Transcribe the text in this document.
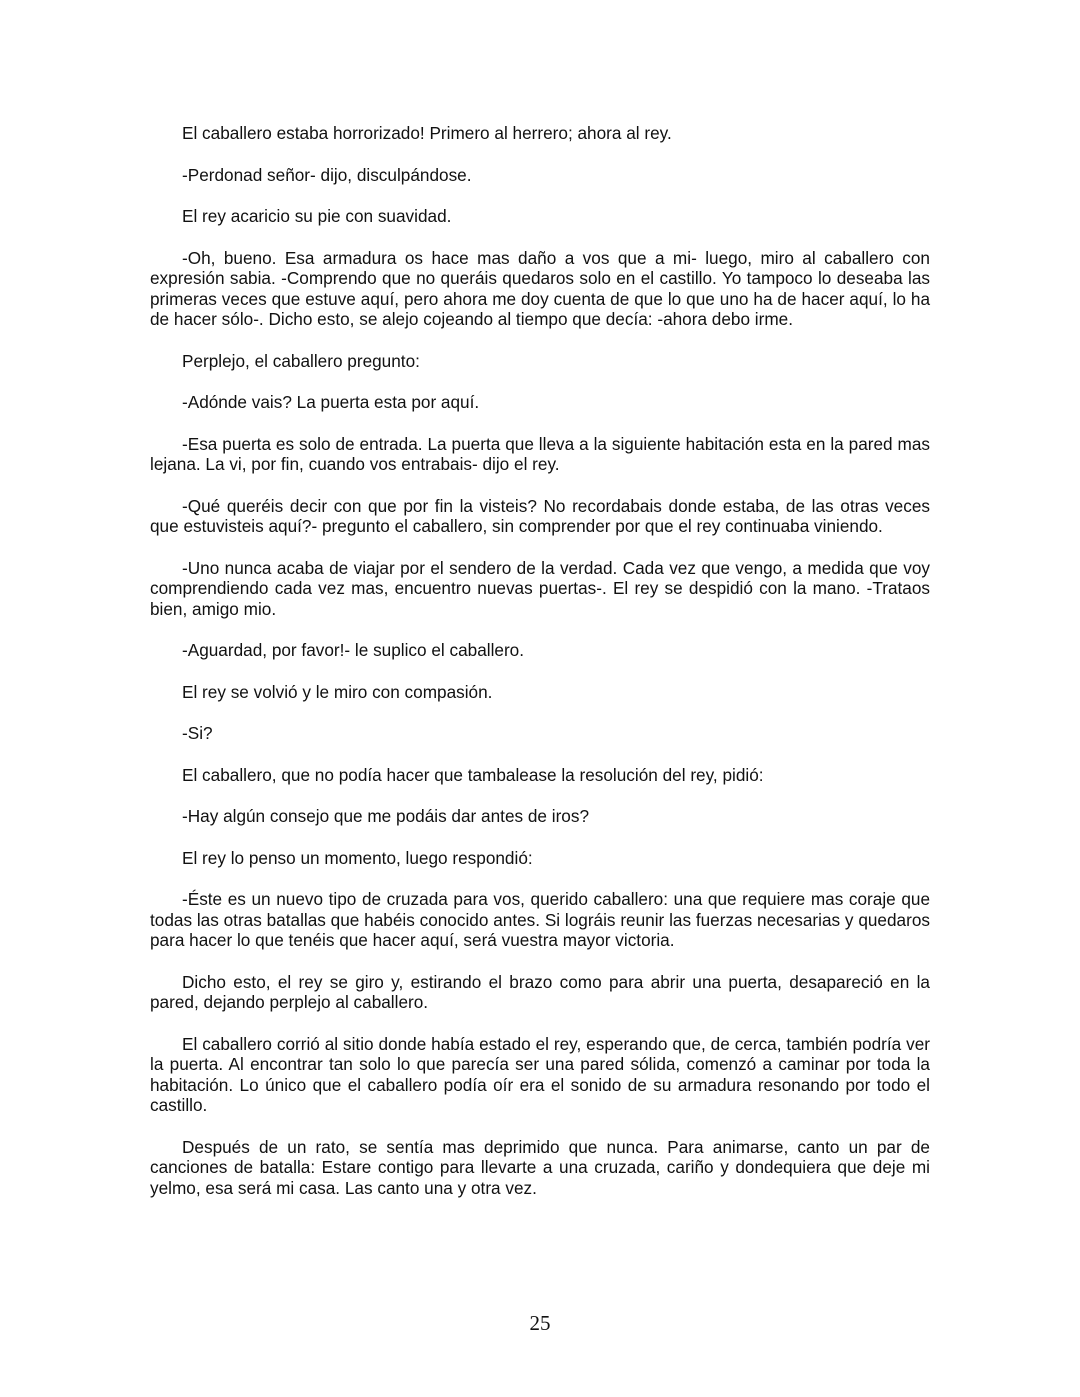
El caballero estaba horrorizado! Primero al herrero; ahora al rey.

-Perdonad señor- dijo, disculpándose.

El rey acaricio su pie con suavidad.

-Oh, bueno. Esa armadura os hace mas daño a vos que a mi- luego, miro al caballero con expresión sabia. -Comprendo que no queráis quedaros solo en el castillo. Yo tampoco lo deseaba las primeras veces que estuve aquí, pero ahora me doy cuenta de que lo que uno ha de hacer aquí, lo ha de hacer sólo-. Dicho esto, se alejo cojeando al tiempo que decía: -ahora debo irme.

Perplejo, el caballero pregunto:

-Adónde vais? La puerta esta por aquí.

-Esa puerta es solo de entrada. La puerta que lleva a la siguiente habitación esta en la pared mas lejana. La vi, por fin, cuando vos entrabais- dijo el rey.

-Qué queréis decir con que por fin la visteis? No recordabais donde estaba, de las otras veces que estuvisteis aquí?- pregunto el caballero, sin comprender por que el rey continuaba viniendo.

-Uno nunca acaba de viajar por el sendero de la verdad. Cada vez que vengo, a medida que voy comprendiendo cada vez mas, encuentro nuevas puertas-. El rey se despidió con la mano. -Trataos bien, amigo mio.

-Aguardad, por favor!- le suplico el caballero.

El rey se volvió y le miro con compasión.

-Si?

El caballero, que no podía hacer que tambalease la resolución del rey, pidió:

-Hay algún consejo que me podáis dar antes de iros?

El rey lo penso un momento, luego respondió:

-Éste es un nuevo tipo de cruzada para vos, querido caballero: una que requiere mas coraje que todas las otras batallas que habéis conocido antes. Si lográis reunir las fuerzas necesarias y quedaros para hacer lo que tenéis que hacer aquí, será vuestra mayor victoria.

Dicho esto, el rey se giro y, estirando el brazo como para abrir una puerta, desapareció en la pared, dejando perplejo al caballero.

El caballero corrió al sitio donde había estado el rey, esperando que, de cerca, también podría ver la puerta. Al encontrar tan solo lo que parecía ser una pared sólida, comenzó a caminar por toda la habitación. Lo único que el caballero podía oír era el sonido de su armadura resonando por todo el castillo.

Después de un rato, se sentía mas deprimido que nunca. Para animarse, canto un par de canciones de batalla: Estare contigo para llevarte a una cruzada, cariño y dondequiera que deje mi yelmo, esa será mi casa. Las canto una y otra vez.

25
